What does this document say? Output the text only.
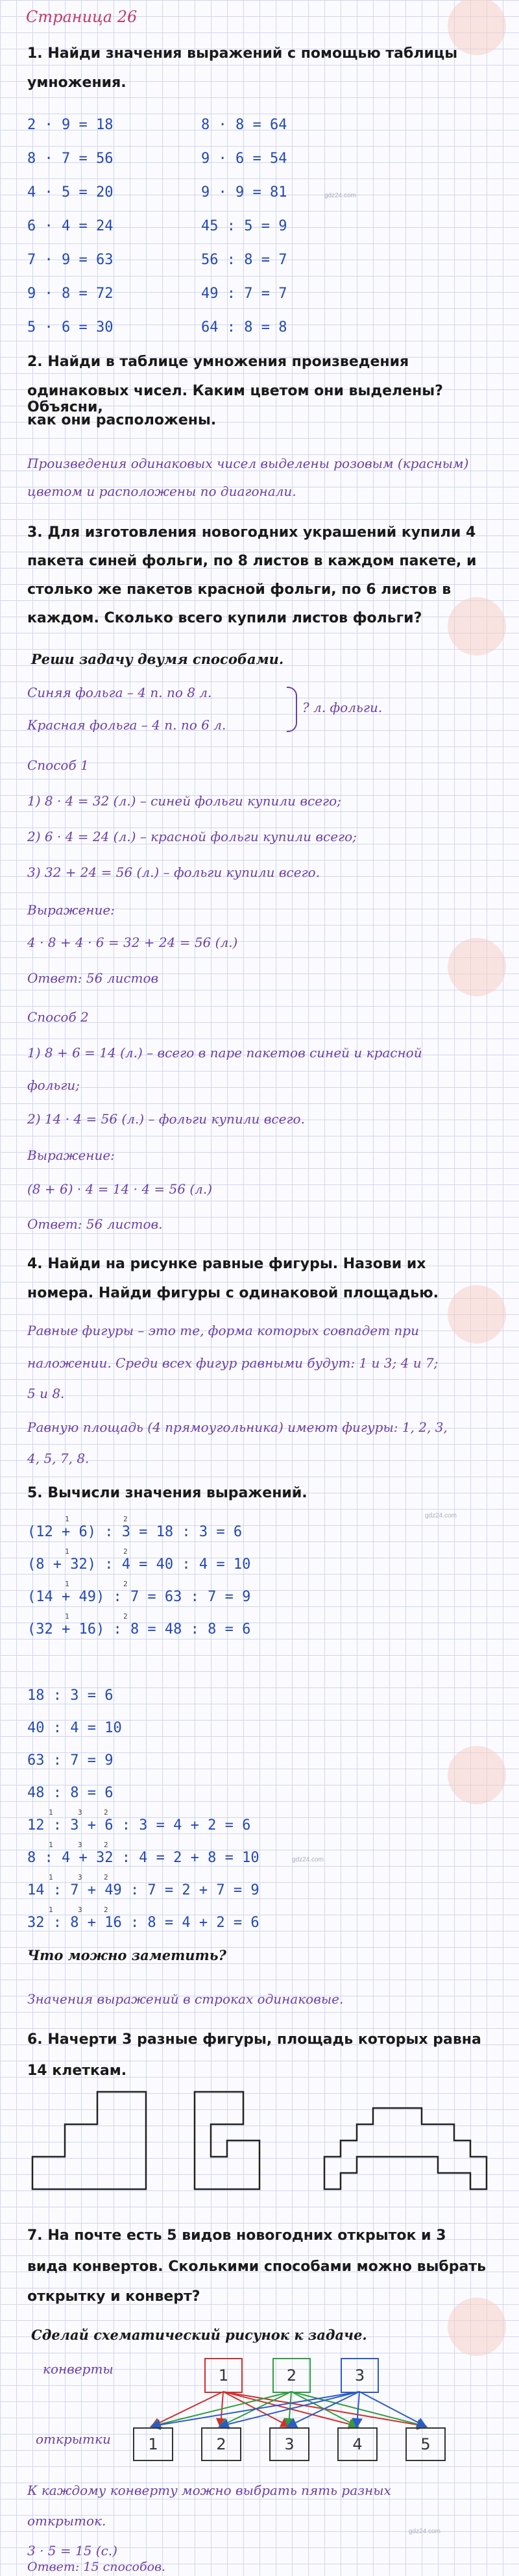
gdz24.com
gdz24.com
gdz24.com
gdz24.com
Страница 26
1. Найди значения выражений с помощью таблицы
умножения.
2 · 9 = 18
8 · 7 = 56
4 · 5 = 20
6 · 4 = 24
7 · 9 = 63
9 · 8 = 72
5 · 6 = 30
8 · 8 = 64
9 · 6 = 54
9 · 9 = 81
45 : 5 = 9
56 : 8 = 7
49 : 7 = 7
64 : 8 = 8
2. Найди в таблице умножения произведения
одинаковых чисел. Каким цветом они выделены? Объясни,
как они расположены.
Произведения одинаковых чисел выделены розовым (красным)
цветом и расположены по диагонали.
3. Для изготовления новогодних украшений купили 4
пакета синей фольги, по 8 листов в каждом пакете, и
столько же пакетов красной фольги, по 6 листов в
каждом. Сколько всего купили листов фольги?
Реши задачу двумя способами.
Синяя фольга – 4 п. по 8 л.
Красная фольга – 4 п. по 6 л.
? л. фольги.
Способ 1
1) 8 · 4 = 32 (л.) – синей фольги купили всего;
2) 6 · 4 = 24 (л.) – красной фольги купили всего;
3) 32 + 24 = 56 (л.) – фольги купили всего.
Выражение:
4 · 8 + 4 · 6 = 32 + 24 = 56 (л.)
Ответ: 56 листов
Способ 2
1) 8 + 6 = 14 (л.) – всего в паре пакетов синей и красной
фольги;
2) 14 · 4 = 56 (л.) – фольги купили всего.
Выражение:
(8 + 6) · 4 = 14 · 4 = 56 (л.)
Ответ: 56 листов.
4. Найди на рисунке равные фигуры. Назови их
номера. Найди фигуры с одинаковой площадью.
Равные фигуры – это те, форма которых совпадет при
наложении. Среди всех фигур равными будут: 1 и 3; 4 и 7;
5 и 8.
Равную площадь (4 прямоугольника) имеют фигуры: 1, 2, 3,
4, 5, 7, 8.
5. Вычисли значения выражений.
(12 + 6) : 3 = 18 : 3 = 6
1	2
(8 + 32) : 4 = 40 : 4 = 10
1	2
(14 + 49) : 7 = 63 : 7 = 9
1	2
(32 + 16) : 8 = 48 : 8 = 6
1	2
18 : 3 = 6
40 : 4 = 10
63 : 7 = 9
48 : 8 = 6
12 : 3 + 6 : 3 = 4 + 2 = 6
1	3	2
8 : 4 + 32 : 4 = 2 + 8 = 10
1	3	2
14 : 7 + 49 : 7 = 2 + 7 = 9
1	3	2
32 : 8 + 16 : 8 = 4 + 2 = 6
1	3	2
Что можно заметить?
Значения выражений в строках одинаковые.
6. Начерти 3 разные фигуры, площадь которых равна
14 клеткам.
7. На почте есть 5 видов новогодних открыток и 3
вида конвертов. Сколькими способами можно выбрать
открытку и конверт?
Сделай схематический рисунок к задаче.
конверты
открытки
1	2	3
1	2	3	4	5
К каждому конверту можно выбрать пять разных
открыток.
3 · 5 = 15 (с.)
Ответ: 15 способов.
